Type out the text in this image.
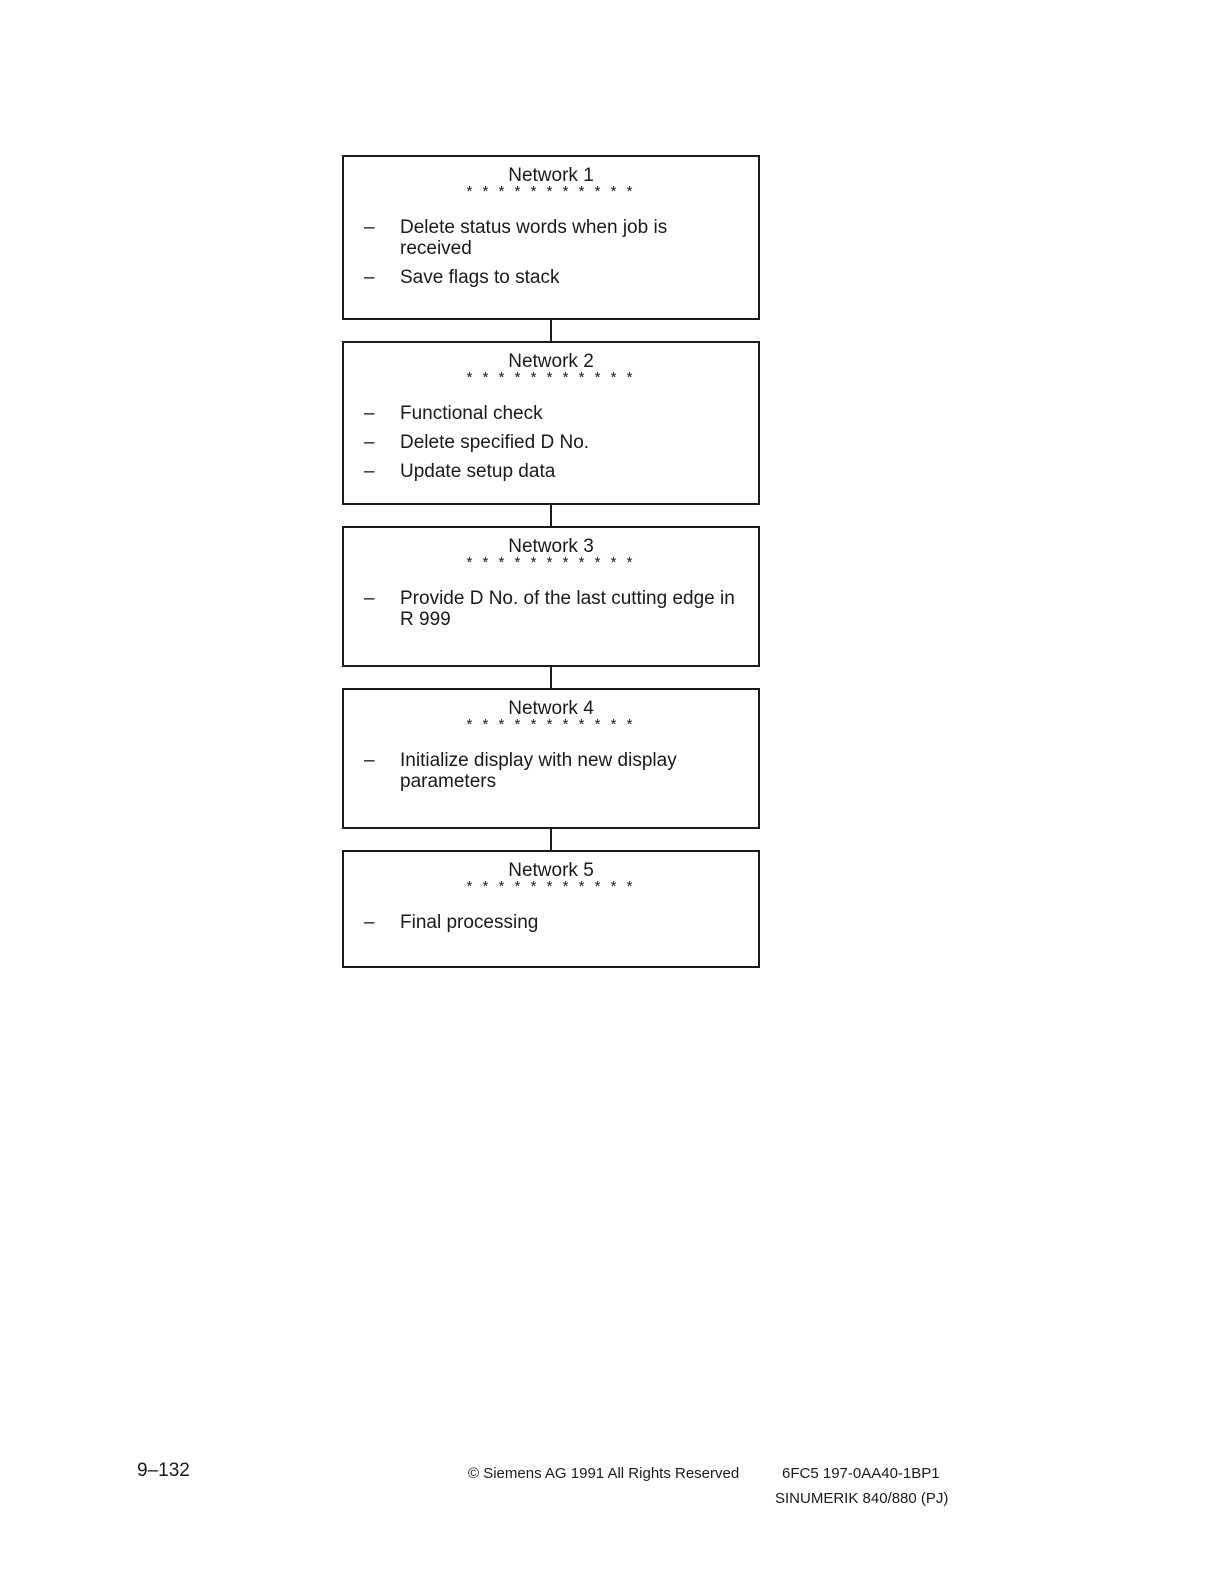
Network 1
* * * * * * * * * * *
–	Delete status words when job is received
–	Save flags to stack
Network 2
* * * * * * * * * * *
–	Functional check
–	Delete specified D No.
–	Update setup data
Network 3
* * * * * * * * * * *
–	Provide D No. of the last cutting edge in R 999
Network 4
* * * * * * * * * * *
–	Initialize display with new display parameters
Network 5
* * * * * * * * * * *
–	Final processing
9–132	© Siemens AG 1991 All Rights Reserved	6FC5 197-0AA40-1BP1
SINUMERIK 840/880 (PJ)
